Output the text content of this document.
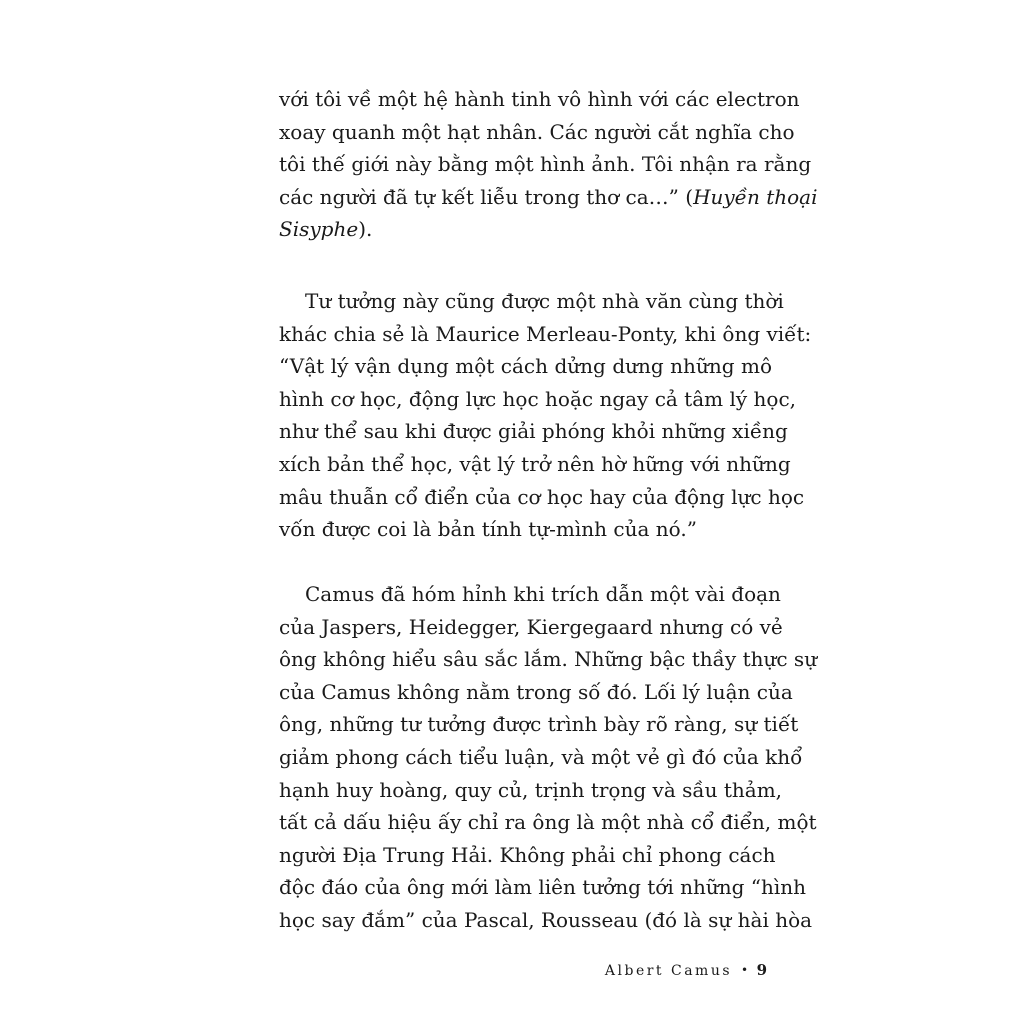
với tôi về một hệ hành tinh vô hình với các electron
xoay quanh một hạt nhân. Các người cắt nghĩa cho
tôi thế giới này bằng một hình ảnh. Tôi nhận ra rằng
các người đã tự kết liễu trong thơ ca…” (Huyền thoại
Sisyphe).
Tư tưởng này cũng được một nhà văn cùng thời
khác chia sẻ là Maurice Merleau-Ponty, khi ông viết:
“Vật lý vận dụng một cách dửng dưng những mô
hình cơ học, động lực học hoặc ngay cả tâm lý học,
như thể sau khi được giải phóng khỏi những xiềng
xích bản thể học, vật lý trở nên hờ hững với những
mâu thuẫn cổ điển của cơ học hay của động lực học
vốn được coi là bản tính tự-mình của nó.”
Camus đã hóm hỉnh khi trích dẫn một vài đoạn
của Jaspers, Heidegger, Kiergegaard nhưng có vẻ
ông không hiểu sâu sắc lắm. Những bậc thầy thực sự
của Camus không nằm trong số đó. Lối lý luận của
ông, những tư tưởng được trình bày rõ ràng, sự tiết
giảm phong cách tiểu luận, và một vẻ gì đó của khổ
hạnh huy hoàng, quy củ, trịnh trọng và sầu thảm,
tất cả dấu hiệu ấy chỉ ra ông là một nhà cổ điển, một
người Địa Trung Hải. Không phải chỉ phong cách
độc đáo của ông mới làm liên tưởng tới những “hình
học say đắm” của Pascal, Rousseau (đó là sự hài hòa
Albert Camus • 9
